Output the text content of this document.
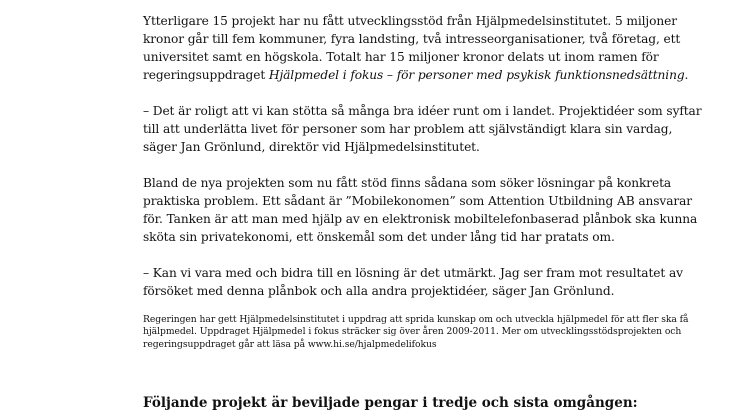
Ytterligare 15 projekt har nu fått utvecklingsstöd från Hjälpmedelsinstitutet. 5 miljoner kronor går till fem kommuner, fyra landsting, två intresseorganisationer, två företag, ett universitet samt en högskola. Totalt har 15 miljoner kronor delats ut inom ramen för regeringsuppdraget Hjälpmedel i fokus – för personer med psykisk funktionsnedsättning.

– Det är roligt att vi kan stötta så många bra idéer runt om i landet. Projektidéer som syftar till att underlätta livet för personer som har problem att självständigt klara sin vardag, säger Jan Grönlund, direktör vid Hjälpmedelsinstitutet.

Bland de nya projekten som nu fått stöd finns sådana som söker lösningar på konkreta praktiska problem. Ett sådant är ”Mobilekonomen” som Attention Utbildning AB ansvarar för. Tanken är att man med hjälp av en elektronisk mobiltelefonbaserad plånbok ska kunna sköta sin privatekonomi, ett önskemål som det under lång tid har pratats om.

– Kan vi vara med och bidra till en lösning är det utmärkt. Jag ser fram mot resultatet av försöket med denna plånbok och alla andra projektidéer, säger Jan Grönlund.

Regeringen har gett Hjälpmedelsinstitutet i uppdrag att sprida kunskap om och utveckla hjälpmedel för att fler ska få hjälpmedel. Uppdraget Hjälpmedel i fokus sträcker sig över åren 2009-2011. Mer om utvecklingsstödsprojekten och regeringsuppdraget går att läsa på www.hi.se/hjalpmedelifokus

Följande projekt är beviljade pengar i tredje och sista omgången:
